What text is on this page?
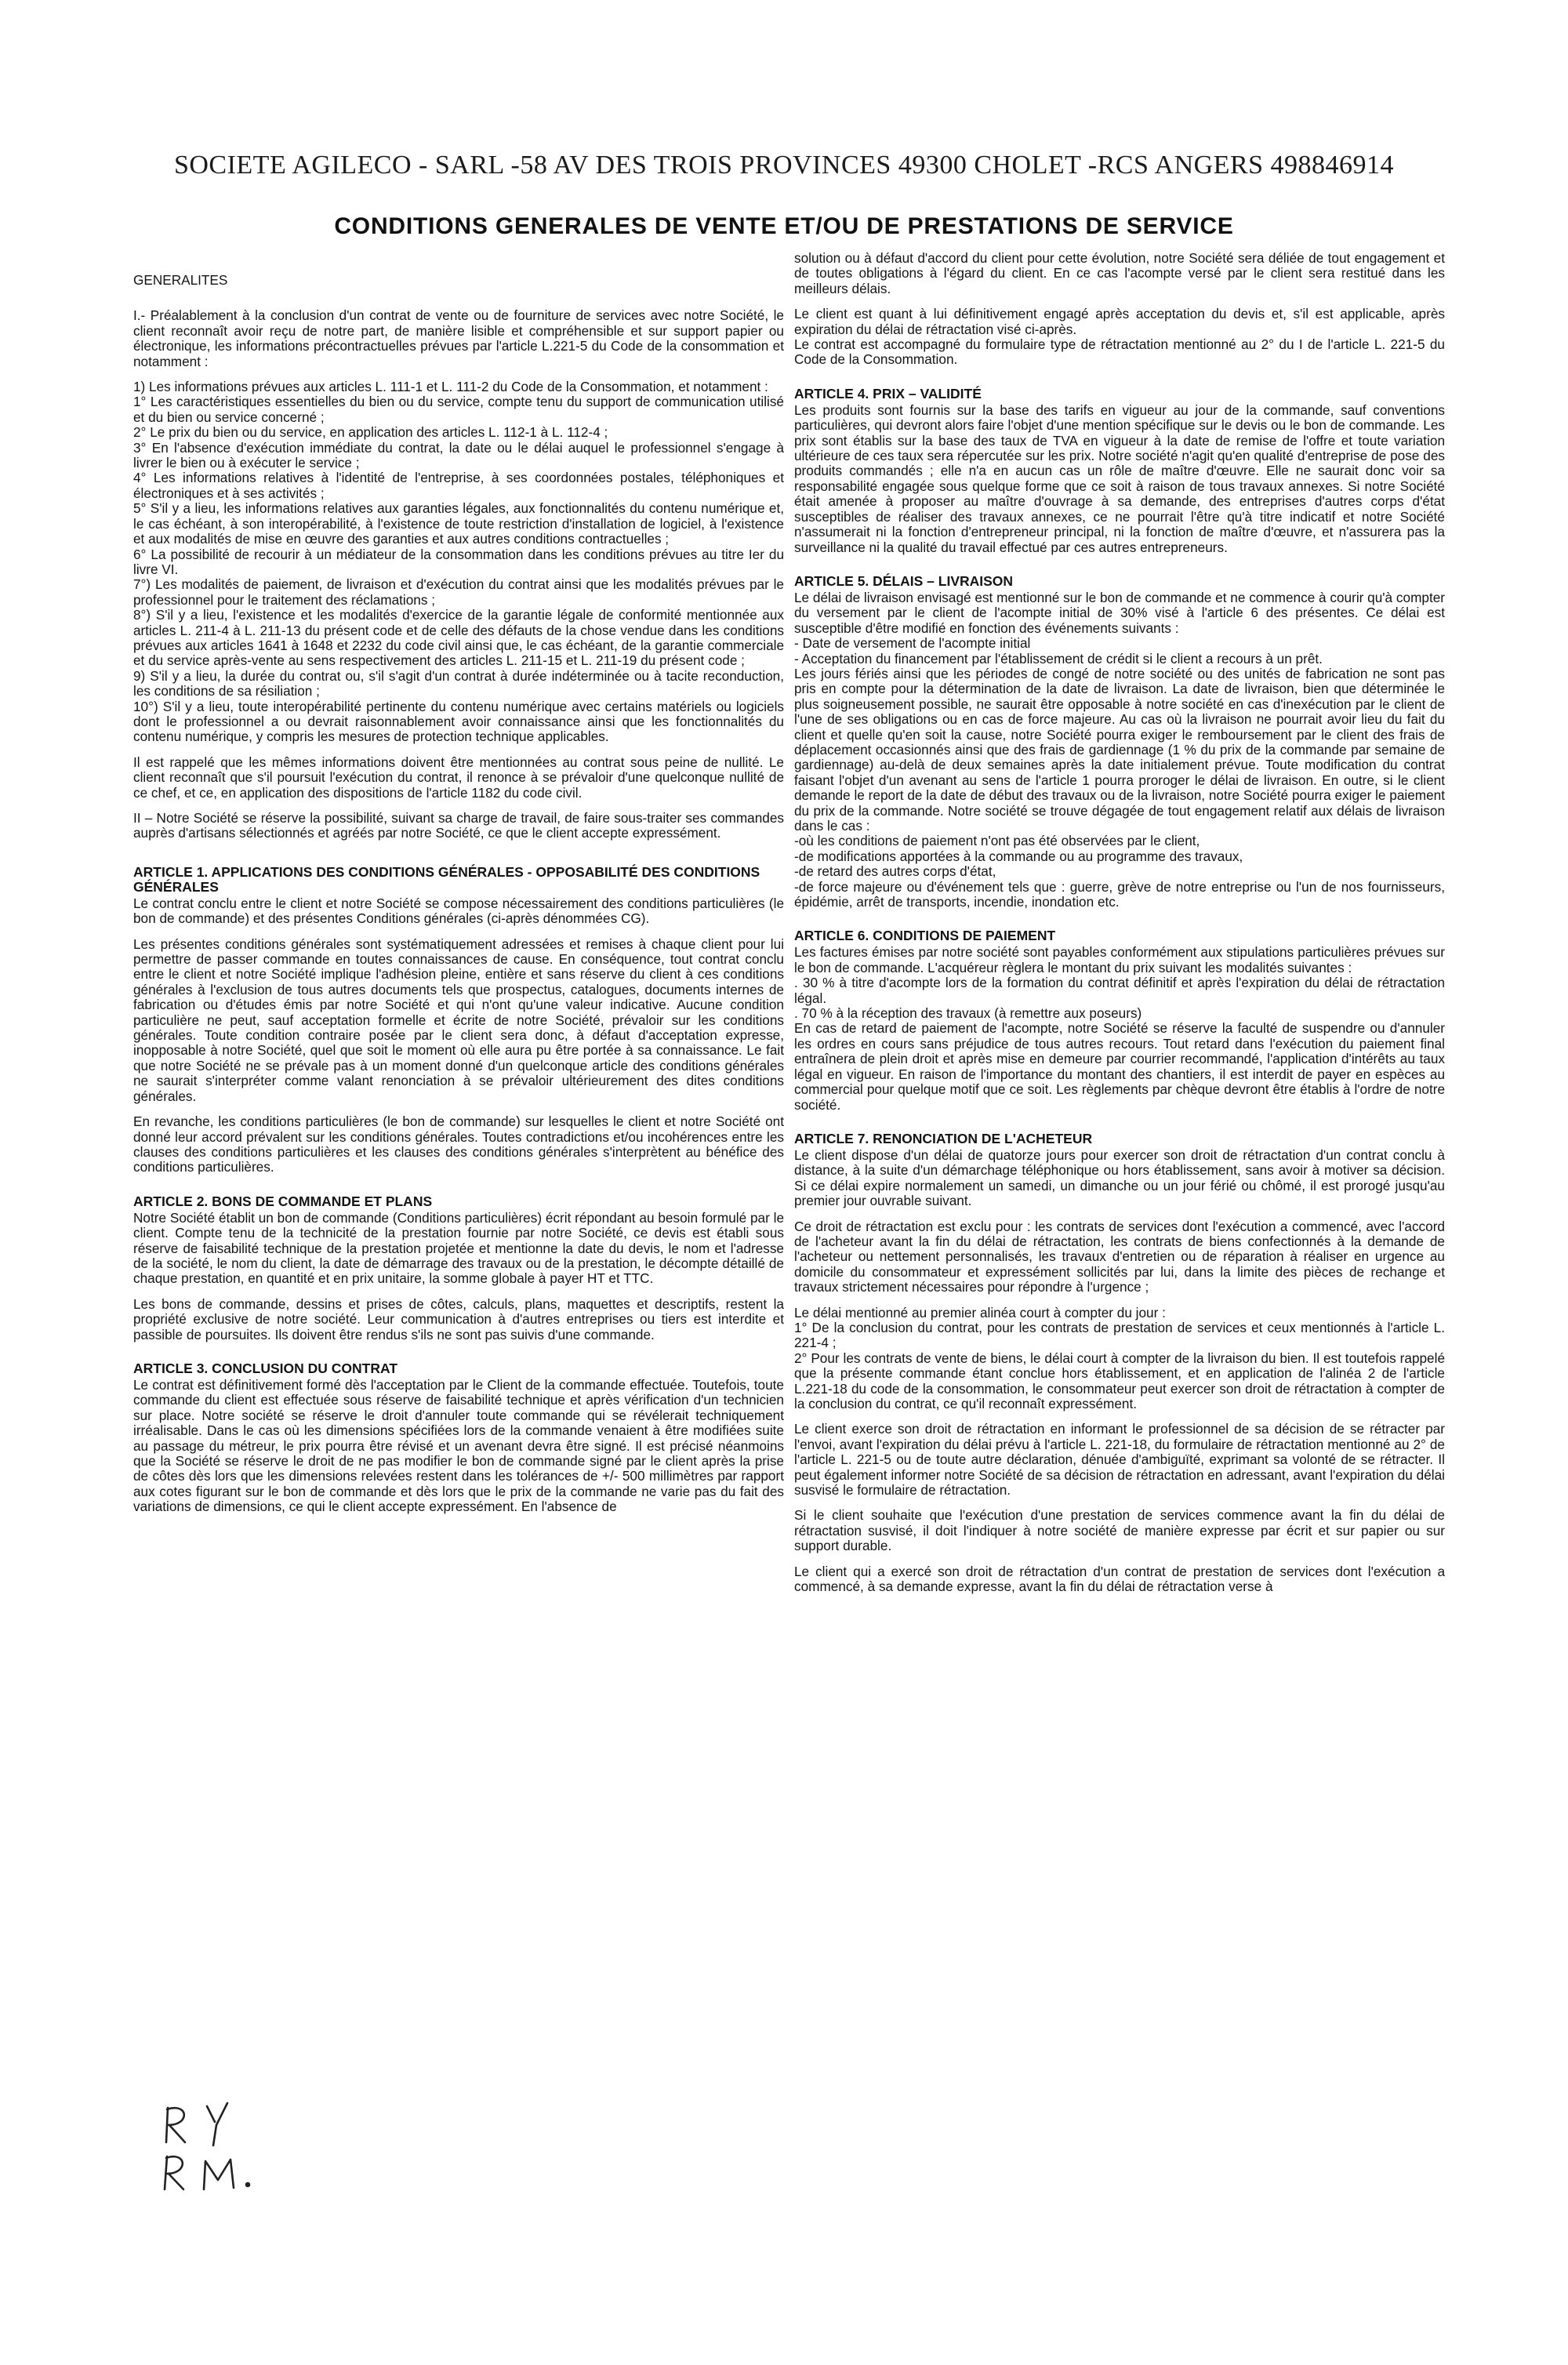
SOCIETE AGILECO - SARL -58 AV DES TROIS PROVINCES 49300 CHOLET -RCS ANGERS 498846914
CONDITIONS GENERALES DE VENTE ET/OU DE PRESTATIONS DE SERVICE

GENERALITES

I.- Préalablement à la conclusion d'un contrat de vente ou de fourniture de services avec notre Société, le client reconnaît avoir reçu de notre part, de manière lisible et compréhensible et sur support papier ou électronique, les informations précontractuelles prévues par l'article L.221-5 du Code de la consommation et notamment :

1) Les informations prévues aux articles L. 111-1 et L. 111-2 du Code de la Consommation, et notamment :
1° Les caractéristiques essentielles du bien ou du service, compte tenu du support de communication utilisé et du bien ou service concerné ;
2° Le prix du bien ou du service, en application des articles L. 112-1 à L. 112-4 ;
3° En l'absence d'exécution immédiate du contrat, la date ou le délai auquel le professionnel s'engage à livrer le bien ou à exécuter le service ;
4° Les informations relatives à l'identité de l'entreprise, à ses coordonnées postales, téléphoniques et électroniques et à ses activités ;
5° S'il y a lieu, les informations relatives aux garanties légales, aux fonctionnalités du contenu numérique et, le cas échéant, à son interopérabilité, à l'existence de toute restriction d'installation de logiciel, à l'existence et aux modalités de mise en œuvre des garanties et aux autres conditions contractuelles ;
6° La possibilité de recourir à un médiateur de la consommation dans les conditions prévues au titre Ier du livre VI.
7°) Les modalités de paiement, de livraison et d'exécution du contrat ainsi que les modalités prévues par le professionnel pour le traitement des réclamations ;
8°) S'il y a lieu, l'existence et les modalités d'exercice de la garantie légale de conformité mentionnée aux articles L. 211-4 à L. 211-13 du présent code et de celle des défauts de la chose vendue dans les conditions prévues aux articles 1641 à 1648 et 2232 du code civil ainsi que, le cas échéant, de la garantie commerciale et du service après-vente au sens respectivement des articles L. 211-15 et L. 211-19 du présent code ;
9) S'il y a lieu, la durée du contrat ou, s'il s'agit d'un contrat à durée indéterminée ou à tacite reconduction, les conditions de sa résiliation ;
10°) S'il y a lieu, toute interopérabilité pertinente du contenu numérique avec certains matériels ou logiciels dont le professionnel a ou devrait raisonnablement avoir connaissance ainsi que les fonctionnalités du contenu numérique, y compris les mesures de protection technique applicables.

Il est rappelé que les mêmes informations doivent être mentionnées au contrat sous peine de nullité. Le client reconnaît que s'il poursuit l'exécution du contrat, il renonce à se prévaloir d'une quelconque nullité de ce chef, et ce, en application des dispositions de l'article 1182 du code civil.

II – Notre Société se réserve la possibilité, suivant sa charge de travail, de faire sous-traiter ses commandes auprès d'artisans sélectionnés et agréés par notre Société, ce que le client accepte expressément.

ARTICLE 1. APPLICATIONS DES CONDITIONS GÉNÉRALES - OPPOSABILITÉ DES CONDITIONS GÉNÉRALES

Le contrat conclu entre le client et notre Société se compose nécessairement des conditions particulières (le bon de commande) et des présentes Conditions générales (ci-après dénommées CG).

Les présentes conditions générales sont systématiquement adressées et remises à chaque client pour lui permettre de passer commande en toutes connaissances de cause. En conséquence, tout contrat conclu entre le client et notre Société implique l'adhésion pleine, entière et sans réserve du client à ces conditions générales à l'exclusion de tous autres documents tels que prospectus, catalogues, documents internes de fabrication ou d'études émis par notre Société et qui n'ont qu'une valeur indicative. Aucune condition particulière ne peut, sauf acceptation formelle et écrite de notre Société, prévaloir sur les conditions générales. Toute condition contraire posée par le client sera donc, à défaut d'acceptation expresse, inopposable à notre Société, quel que soit le moment où elle aura pu être portée à sa connaissance. Le fait que notre Société ne se prévale pas à un moment donné d'un quelconque article des conditions générales ne saurait s'interpréter comme valant renonciation à se prévaloir ultérieurement des dites conditions générales.

En revanche, les conditions particulières (le bon de commande) sur lesquelles le client et notre Société ont donné leur accord prévalent sur les conditions générales. Toutes contradictions et/ou incohérences entre les clauses des conditions particulières et les clauses des conditions générales s'interprètent au bénéfice des conditions particulières.

ARTICLE 2. BONS DE COMMANDE ET PLANS

Notre Société établit un bon de commande (Conditions particulières) écrit répondant au besoin formulé par le client. Compte tenu de la technicité de la prestation fournie par notre Société, ce devis est établi sous réserve de faisabilité technique de la prestation projetée et mentionne la date du devis, le nom et l'adresse de la société, le nom du client, la date de démarrage des travaux ou de la prestation, le décompte détaillé de chaque prestation, en quantité et en prix unitaire, la somme globale à payer HT et TTC.

Les bons de commande, dessins et prises de côtes, calculs, plans, maquettes et descriptifs, restent la propriété exclusive de notre société. Leur communication à d'autres entreprises ou tiers est interdite et passible de poursuites. Ils doivent être rendus s'ils ne sont pas suivis d'une commande.

ARTICLE 3. CONCLUSION DU CONTRAT

Le contrat est définitivement formé dès l'acceptation par le Client de la commande effectuée. Toutefois, toute commande du client est effectuée sous réserve de faisabilité technique et après vérification d'un technicien sur place. Notre société se réserve le droit d'annuler toute commande qui se révélerait techniquement irréalisable. Dans le cas où les dimensions spécifiées lors de la commande venaient à être modifiées suite au passage du métreur, le prix pourra être révisé et un avenant devra être signé. Il est précisé néanmoins que la Société se réserve le droit de ne pas modifier le bon de commande signé par le client après la prise de côtes dès lors que les dimensions relevées restent dans les tolérances de +/- 500 millimètres par rapport aux cotes figurant sur le bon de commande et dès lors que le prix de la commande ne varie pas du fait des variations de dimensions, ce qui le client accepte expressément. En l'absence de

solution ou à défaut d'accord du client pour cette évolution, notre Société sera déliée de tout engagement et de toutes obligations à l'égard du client. En ce cas l'acompte versé par le client sera restitué dans les meilleurs délais.

Le client est quant à lui définitivement engagé après acceptation du devis et, s'il est applicable, après expiration du délai de rétractation visé ci-après.
Le contrat est accompagné du formulaire type de rétractation mentionné au 2° du I de l'article L. 221-5 du Code de la Consommation.

ARTICLE 4. PRIX – VALIDITÉ

Les produits sont fournis sur la base des tarifs en vigueur au jour de la commande, sauf conventions particulières, qui devront alors faire l'objet d'une mention spécifique sur le devis ou le bon de commande. Les prix sont établis sur la base des taux de TVA en vigueur à la date de remise de l'offre et toute variation ultérieure de ces taux sera répercutée sur les prix. Notre société n'agit qu'en qualité d'entreprise de pose des produits commandés ; elle n'a en aucun cas un rôle de maître d'œuvre. Elle ne saurait donc voir sa responsabilité engagée sous quelque forme que ce soit à raison de tous travaux annexes. Si notre Société était amenée à proposer au maître d'ouvrage à sa demande, des entreprises d'autres corps d'état susceptibles de réaliser des travaux annexes, ce ne pourrait l'être qu'à titre indicatif et notre Société n'assumerait ni la fonction d'entrepreneur principal, ni la fonction de maître d'œuvre, et n'assurera pas la surveillance ni la qualité du travail effectué par ces autres entrepreneurs.

ARTICLE 5. DÉLAIS – LIVRAISON

Le délai de livraison envisagé est mentionné sur le bon de commande et ne commence à courir qu'à compter du versement par le client de l'acompte initial de 30% visé à l'article 6 des présentes. Ce délai est susceptible d'être modifié en fonction des événements suivants :
- Date de versement de l'acompte initial
- Acceptation du financement par l'établissement de crédit si le client a recours à un prêt.
Les jours fériés ainsi que les périodes de congé de notre société ou des unités de fabrication ne sont pas pris en compte pour la détermination de la date de livraison. La date de livraison, bien que déterminée le plus soigneusement possible, ne saurait être opposable à notre société en cas d'inexécution par le client de l'une de ses obligations ou en cas de force majeure. Au cas où la livraison ne pourrait avoir lieu du fait du client et quelle qu'en soit la cause, notre Société pourra exiger le remboursement par le client des frais de déplacement occasionnés ainsi que des frais de gardiennage (1 % du prix de la commande par semaine de gardiennage) au-delà de deux semaines après la date initialement prévue. Toute modification du contrat faisant l'objet d'un avenant au sens de l'article 1 pourra proroger le délai de livraison. En outre, si le client demande le report de la date de début des travaux ou de la livraison, notre Société pourra exiger le paiement du prix de la commande. Notre société se trouve dégagée de tout engagement relatif aux délais de livraison dans le cas :
-où les conditions de paiement n'ont pas été observées par le client,
-de modifications apportées à la commande ou au programme des travaux,
-de retard des autres corps d'état,
-de force majeure ou d'événement tels que : guerre, grève de notre entreprise ou l'un de nos fournisseurs, épidémie, arrêt de transports, incendie, inondation etc.

ARTICLE 6. CONDITIONS DE PAIEMENT

Les factures émises par notre société sont payables conformément aux stipulations particulières prévues sur le bon de commande. L'acquéreur règlera le montant du prix suivant les modalités suivantes :
. 30 % à titre d'acompte lors de la formation du contrat définitif et après l'expiration du délai de rétractation légal.
. 70 % à la réception des travaux (à remettre aux poseurs)
En cas de retard de paiement de l'acompte, notre Société se réserve la faculté de suspendre ou d'annuler les ordres en cours sans préjudice de tous autres recours. Tout retard dans l'exécution du paiement final entraînera de plein droit et après mise en demeure par courrier recommandé, l'application d'intérêts au taux légal en vigueur. En raison de l'importance du montant des chantiers, il est interdit de payer en espèces au commercial pour quelque motif que ce soit. Les règlements par chèque devront être établis à l'ordre de notre société.

ARTICLE 7. RENONCIATION DE L'ACHETEUR

Le client dispose d'un délai de quatorze jours pour exercer son droit de rétractation d'un contrat conclu à distance, à la suite d'un démarchage téléphonique ou hors établissement, sans avoir à motiver sa décision. Si ce délai expire normalement un samedi, un dimanche ou un jour férié ou chômé, il est prorogé jusqu'au premier jour ouvrable suivant.

Ce droit de rétractation est exclu pour : les contrats de services dont l'exécution a commencé, avec l'accord de l'acheteur avant la fin du délai de rétractation, les contrats de biens confectionnés à la demande de l'acheteur ou nettement personnalisés, les travaux d'entretien ou de réparation à réaliser en urgence au domicile du consommateur et expressément sollicités par lui, dans la limite des pièces de rechange et travaux strictement nécessaires pour répondre à l'urgence ;

Le délai mentionné au premier alinéa court à compter du jour :
1° De la conclusion du contrat, pour les contrats de prestation de services et ceux mentionnés à l'article L. 221-4 ;
2° Pour les contrats de vente de biens, le délai court à compter de la livraison du bien. Il est toutefois rappelé que la présente commande étant conclue hors établissement, et en application de l'alinéa 2 de l'article L.221-18 du code de la consommation, le consommateur peut exercer son droit de rétractation à compter de la conclusion du contrat, ce qu'il reconnaît expressément.

Le client exerce son droit de rétractation en informant le professionnel de sa décision de se rétracter par l'envoi, avant l'expiration du délai prévu à l'article L. 221-18, du formulaire de rétractation mentionné au 2° de l'article L. 221-5 ou de toute autre déclaration, dénuée d'ambiguïté, exprimant sa volonté de se rétracter. Il peut également informer notre Société de sa décision de rétractation en adressant, avant l'expiration du délai susvisé le formulaire de rétractation.

Si le client souhaite que l'exécution d'une prestation de services commence avant la fin du délai de rétractation susvisé, il doit l'indiquer à notre société de manière expresse par écrit et sur papier ou sur support durable.

Le client qui a exercé son droit de rétractation d'un contrat de prestation de services dont l'exécution a commencé, à sa demande expresse, avant la fin du délai de rétractation verse à
